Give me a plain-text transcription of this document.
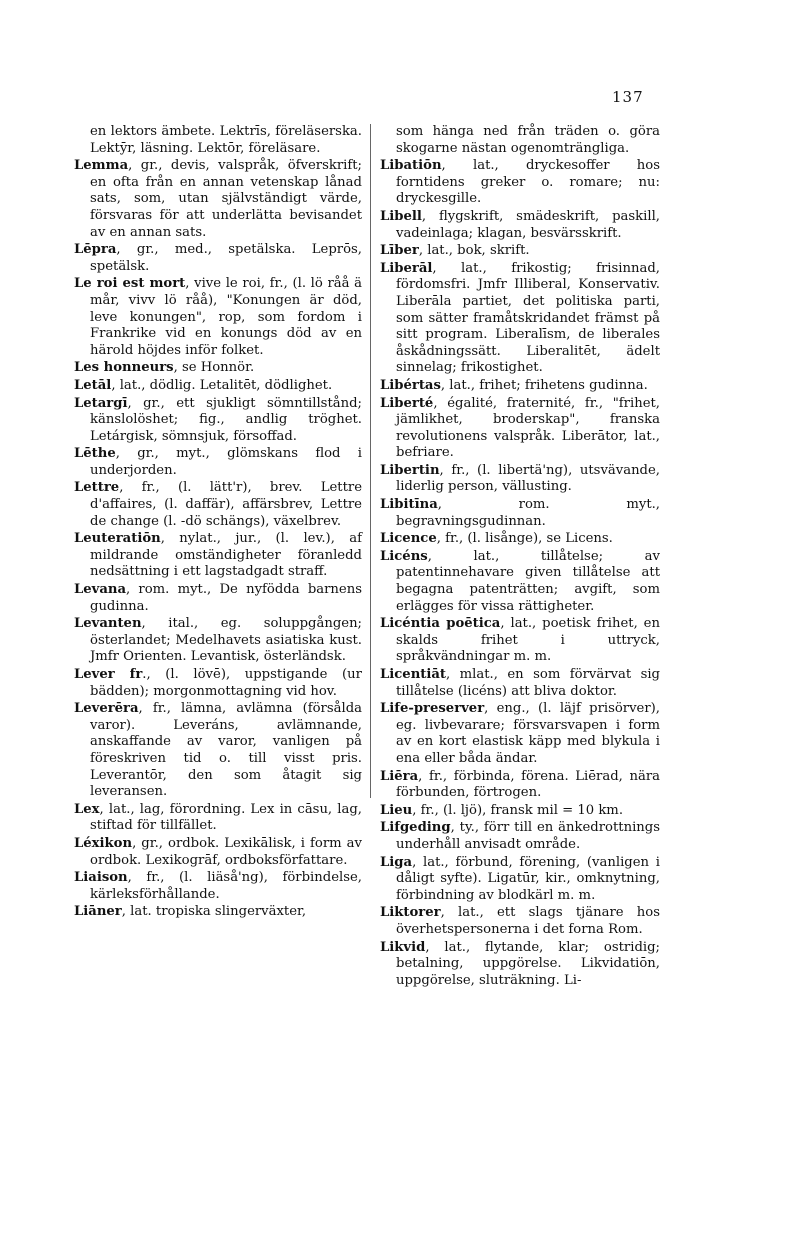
137

en lektors ämbete. Lektrīs, föreläserska. Lektȳr, läsning. Lektōr, föreläsare.

Lemma, gr., devis, valspråk, öfverskrift; en ofta från en annan vetenskap lånad sats, som, utan självständigt värde, försvaras för att underlätta bevisandet av en annan sats.

Lēpra, gr., med., spetälska. Leprōs, spetälsk.

Le roi est mort, vive le roi, fr., (l. lö råå ä mår, vivv lö råå), "Konungen är död, leve konungen", rop, som fordom i Frankrike vid en konungs död av en härold höjdes inför folket.

Les honneurs, se Honnör.

Letāl, lat., dödlig. Letalitēt, dödlighet.

Letargī, gr., ett sjukligt sömntillstånd; känslolöshet; fig., andlig tröghet. Letárgisk, sömnsjuk, försoffad.

Lēthe, gr., myt., glömskans flod i underjorden.

Lettre, fr., (l. lätt'r), brev. Lettre d'affaires, (l. daffär), affärsbrev, Lettre de change (l. -dö schängs), växelbrev.

Leuteratiōn, nylat., jur., (l. lev.), af mildrande omständigheter föranledd nedsättning i ett lagstadgadt straff.

Levana, rom. myt., De nyfödda barnens gudinna.

Levanten, ital., eg. soluppgången; österlandet; Medelhavets asiatiska kust. Jmfr Orienten. Levantisk, österländsk.

Lever fr., (l. lövē), uppstigande (ur bädden); morgonmottagning vid hov.

Leverēra, fr., lämna, avlämna (försålda varor). Leveráns, avlämnande, anskaffande av varor, vanligen på föreskriven tid o. till visst pris. Leverantōr, den som åtagit sig leveransen.

Lex, lat., lag, förordning. Lex in cāsu, lag, stiftad för tillfället.

Léxikon, gr., ordbok. Lexikālisk, i form av ordbok. Lexikogrāf, ordboksförfattare.

Liaison, fr., (l. liäså'ng), förbindelse, kärleksförhållande.

Liāner, lat. tropiska slingerväxter,

som hänga ned från träden o. göra skogarne nästan ogenomträngliga.

Libatiōn, lat., dryckesoffer hos forntidens greker o. romare; nu: dryckesgille.

Libell, flygskrift, smädeskrift, paskill, vadeinlaga; klagan, besvärsskrift.

Līber, lat., bok, skrift.

Liberāl, lat., frikostig; frisinnad, fördomsfri. Jmfr Illiberal, Konservativ. Liberāla partiet, det politiska parti, som sätter framåtskridandet främst på sitt program. Liberalīsm, de liberales åskådningssätt. Liberalitēt, ädelt sinnelag; frikostighet.

Libértas, lat., frihet; frihetens gudinna.

Liberté, égalité, fraternité, fr., "frihet, jämlikhet, broderskap", franska revolutionens valspråk. Liberātor, lat., befriare.

Libertin, fr., (l. libertä'ng), utsvävande, liderlig person, vällusting.

Libitīna, rom. myt., begravningsgudinnan.

Licence, fr., (l. lisånge), se Licens.

Licéns, lat., tillåtelse; av patentinnehavare given tillåtelse att begagna patenträtten; avgift, som erlägges för vissa rättigheter.

Licéntia poētica, lat., poetisk frihet, en skalds frihet i uttryck, språkvändningar m. m.

Licentiāt, mlat., en som förvärvat sig tillåtelse (licéns) att bliva doktor.

Life-preserver, eng., (l. läjf prisörver), eg. livbevarare; försvarsvapen i form av en kort elastisk käpp med blykula i ena eller båda ändar.

Liēra, fr., förbinda, förena. Liērad, nära förbunden, förtrogen.

Lieu, fr., (l. ljö), fransk mil = 10 km.

Lifgeding, ty., förr till en änkedrottnings underhåll anvisadt område.

Liga, lat., förbund, förening, (vanligen i dåligt syfte). Ligatūr, kir., omknytning, förbindning av blodkärl m. m.

Liktorer, lat., ett slags tjänare hos överhetspersonerna i det forna Rom.

Likvid, lat., flytande, klar; ostridig; betalning, uppgörelse. Likvidatiōn, uppgörelse, sluträkning. Li-
